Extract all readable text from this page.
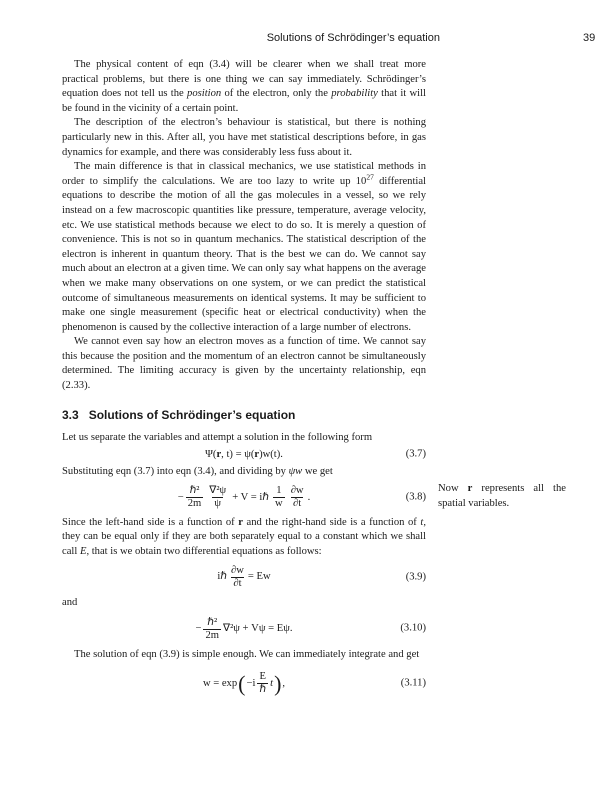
Solutions of Schrödinger’s equation	39

The physical content of eqn (3.4) will be clearer when we shall treat more practical problems, but there is one thing we can say immediately. Schrödinger’s equation does not tell us the position of the electron, only the probability that it will be found in the vicinity of a certain point.

The description of the electron’s behaviour is statistical, but there is nothing particularly new in this. After all, you have met statistical descriptions before, in gas dynamics for example, and there was considerably less fuss about it.

The main difference is that in classical mechanics, we use statistical methods in order to simplify the calculations. We are too lazy to write up $10^{27}$ differential equations to describe the motion of all the gas molecules in a vessel, so we rely instead on a few macroscopic quantities like pressure, temperature, average velocity, etc. We use statistical methods because we elect to do so. It is merely a question of convenience. This is not so in quantum mechanics. The statistical description of the electron is inherent in quantum theory. That is the best we can do. We cannot say much about an electron at a given time. We can only say what happens on the average when we make many observations on one system, or we can predict the statistical outcome of simultaneous measurements on identical systems. It may be sufficient to make one single measurement (specific heat or electrical conductivity) when the phenomenon is caused by the collective interaction of a large number of electrons.

We cannot even say how an electron moves as a function of time. We cannot say this because the position and the momentum of an electron cannot be simultaneously determined. The limiting accuracy is given by the uncertainty relationship, eqn (2.33).

3.3 Solutions of Schrödinger’s equation

Let us separate the variables and attempt a solution in the following form

Ψ( r , t) = ψ( r )w(t).	(3.7)

Substituting eqn (3.7) into eqn (3.4), and dividing by ψw we get

− $\frac{\text{ℏ²}}{2m} \frac{\text{∇²ψ}}{\psi} + V$ = iℏ $\frac{1}{w} \frac{\partial w}{\partial t}$ .	(3.8)

Since the left-hand side is a function of r and the right-hand side is a function of t, they can be equal only if they are both separately equal to a constant which we shall call E, that is we obtain two differential equations as follows:

iℏ $\frac{\partial w}{\partial t} = Ew$	(3.9)

and

− $\frac{\text{ℏ²}}{2m} \nabla^2\psi + V\psi = E\psi$.	(3.10)

The solution of eqn (3.9) is simple enough. We can immediately integrate and get

w = exp ( $-i \frac{E}{\text{ℏ}}$ t ) ,	(3.11)
Now r represents all the spatial variables.
